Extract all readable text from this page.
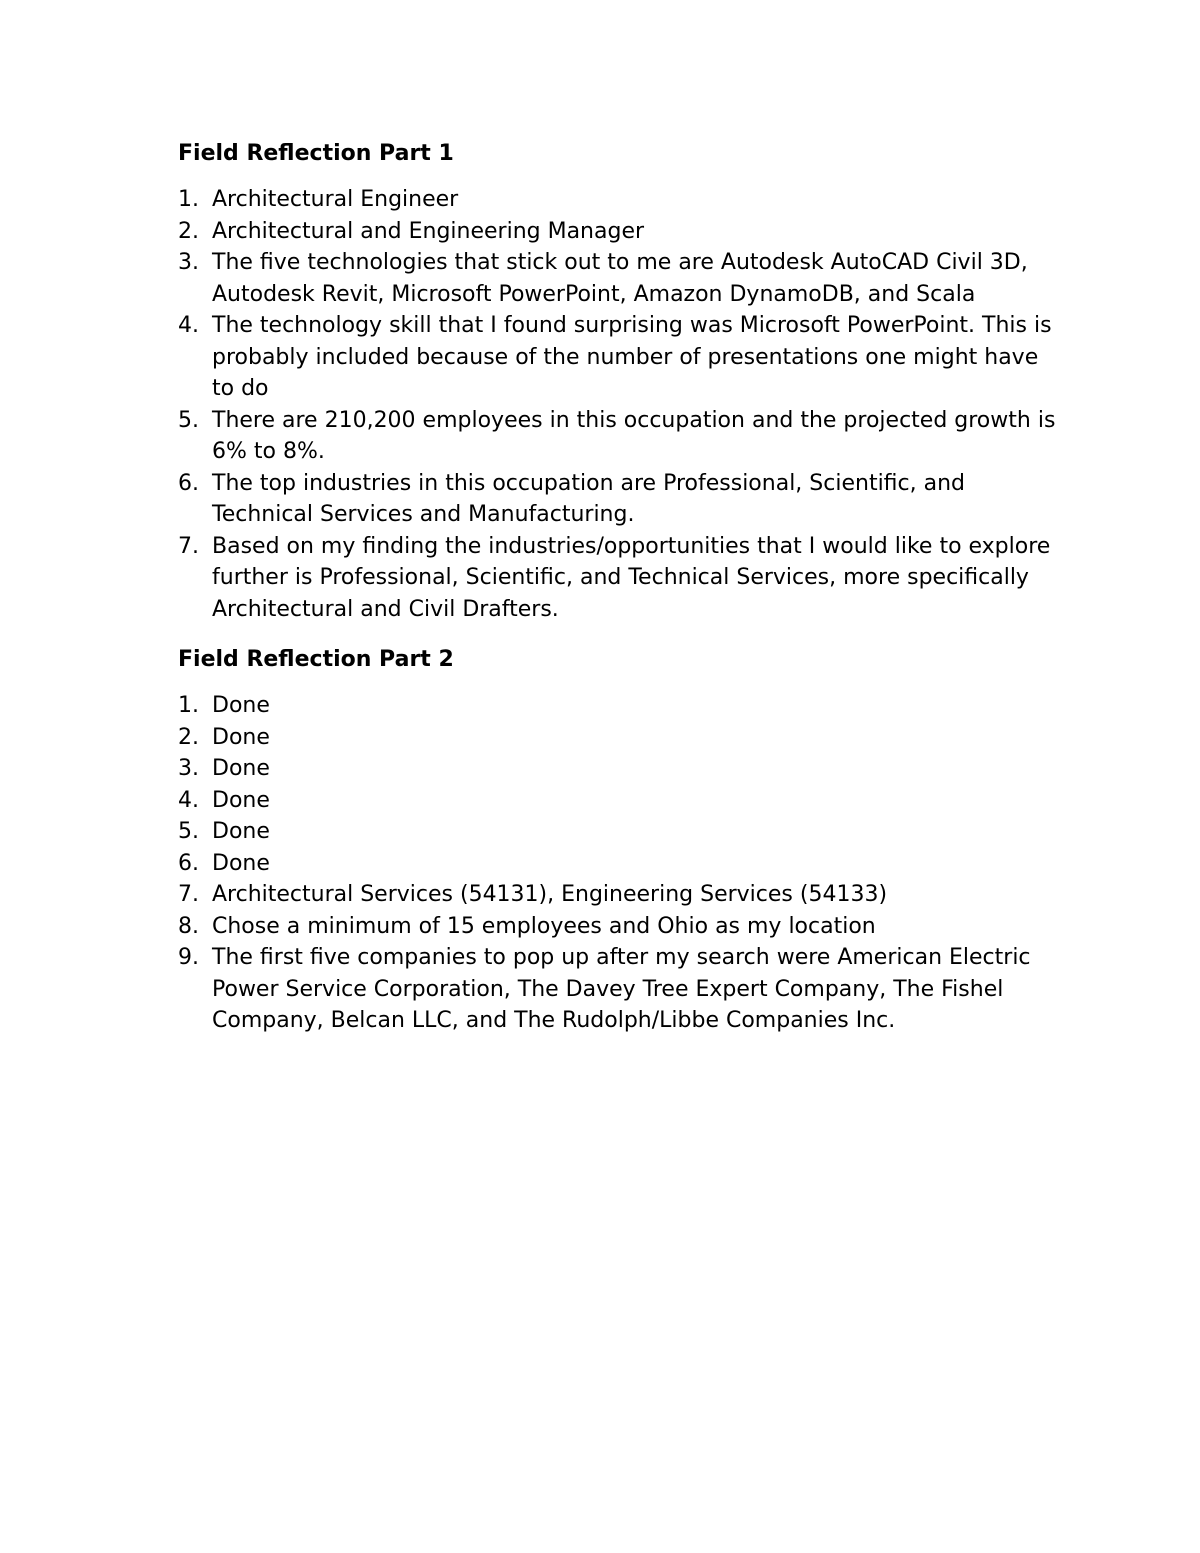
Field Reflection Part 1
1. Architectural Engineer
2. Architectural and Engineering Manager
3. The five technologies that stick out to me are Autodesk AutoCAD Civil 3D, Autodesk Revit, Microsoft PowerPoint, Amazon DynamoDB, and Scala
4. The technology skill that I found surprising was Microsoft PowerPoint. This is probably included because of the number of presentations one might have to do
5. There are 210,200 employees in this occupation and the projected growth is 6% to 8%.
6. The top industries in this occupation are Professional, Scientific, and Technical Services and Manufacturing.
7. Based on my finding the industries/opportunities that I would like to explore further is Professional, Scientific, and Technical Services, more specifically Architectural and Civil Drafters.
Field Reflection Part 2
1. Done
2. Done
3. Done
4. Done
5. Done
6. Done
7. Architectural Services (54131), Engineering Services (54133)
8. Chose a minimum of 15 employees and Ohio as my location
9. The first five companies to pop up after my search were American Electric Power Service Corporation, The Davey Tree Expert Company, The Fishel Company, Belcan LLC, and The Rudolph/Libbe Companies Inc.
